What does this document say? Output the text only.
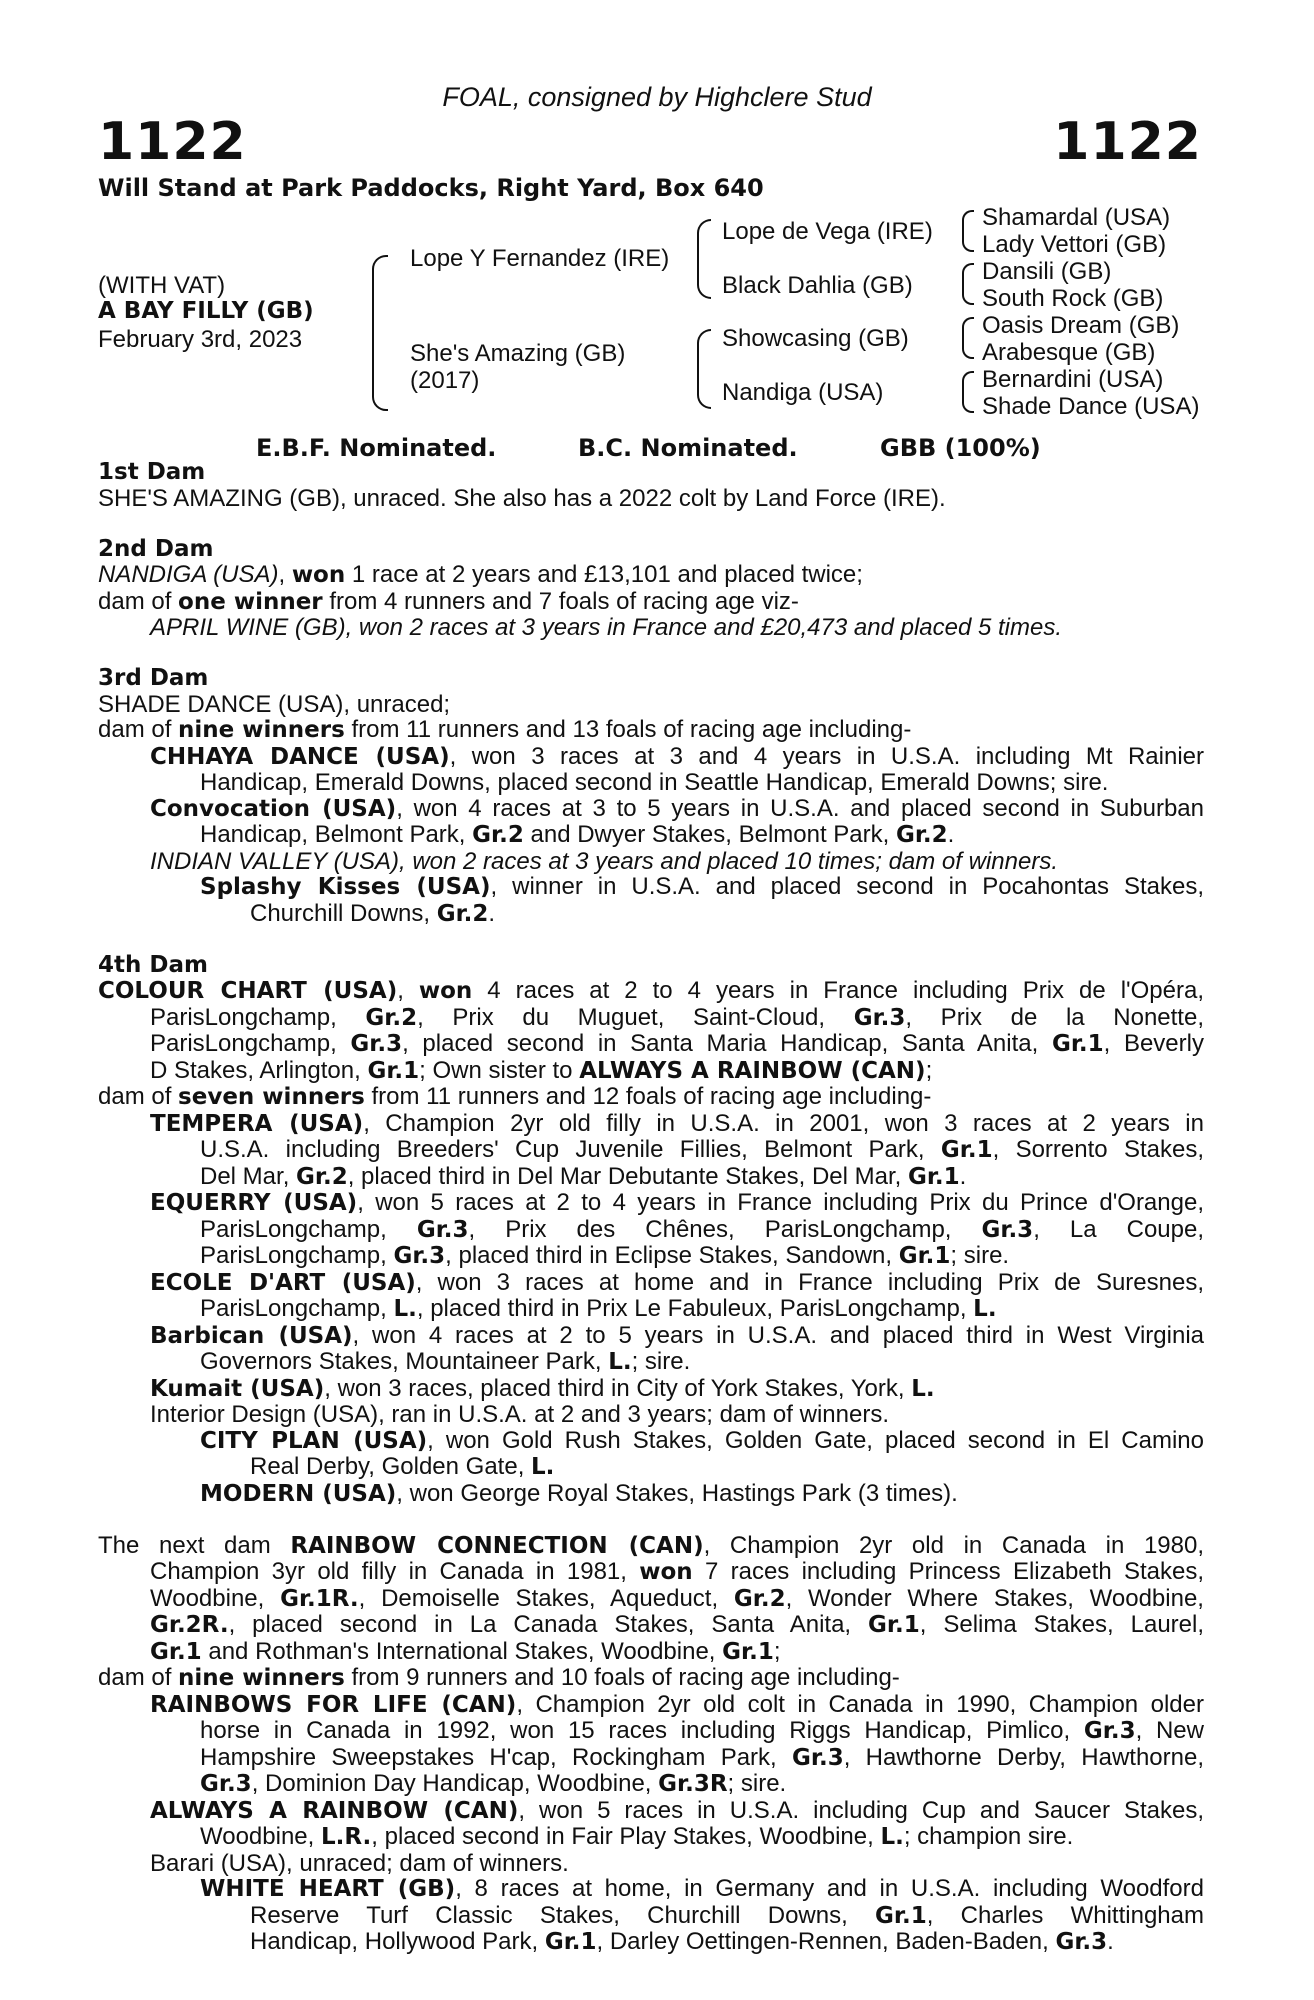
FOAL, consigned by Highclere Stud
1122	1122
Will Stand at Park Paddocks, Right Yard, Box 640
(WITH VAT)
A BAY FILLY (GB)
February 3rd, 2023
Lope Y Fernandez (IRE)
She's Amazing (GB)
(2017)
Lope de Vega (IRE)
Black Dahlia (GB)
Showcasing (GB)
Nandiga (USA)
Shamardal (USA)
Lady Vettori (GB)
Dansili (GB)
South Rock (GB)
Oasis Dream (GB)
Arabesque (GB)
Bernardini (USA)
Shade Dance (USA)
E.B.F. Nominated.	B.C. Nominated.	GBB (100%)
1st Dam
SHE'S AMAZING (GB), unraced. She also has a 2022 colt by Land Force (IRE).
2nd Dam
NANDIGA (USA), won 1 race at 2 years and £13,101 and placed twice;
dam of one winner from 4 runners and 7 foals of racing age viz-
APRIL WINE (GB), won 2 races at 3 years in France and £20,473 and placed 5 times.
3rd Dam
SHADE DANCE (USA), unraced;
dam of nine winners from 11 runners and 13 foals of racing age including-
CHHAYA DANCE (USA), won 3 races at 3 and 4 years in U.S.A. including Mt Rainier
Handicap, Emerald Downs, placed second in Seattle Handicap, Emerald Downs; sire.
Convocation (USA), won 4 races at 3 to 5 years in U.S.A. and placed second in Suburban
Handicap, Belmont Park, Gr.2 and Dwyer Stakes, Belmont Park, Gr.2.
INDIAN VALLEY (USA), won 2 races at 3 years and placed 10 times; dam of winners.
Splashy Kisses (USA), winner in U.S.A. and placed second in Pocahontas Stakes,
Churchill Downs, Gr.2.
4th Dam
COLOUR CHART (USA), won 4 races at 2 to 4 years in France including Prix de l'Opéra,
ParisLongchamp, Gr.2, Prix du Muguet, Saint-Cloud, Gr.3, Prix de la Nonette,
ParisLongchamp, Gr.3, placed second in Santa Maria Handicap, Santa Anita, Gr.1, Beverly
D Stakes, Arlington, Gr.1; Own sister to ALWAYS A RAINBOW (CAN);
dam of seven winners from 11 runners and 12 foals of racing age including-
TEMPERA (USA), Champion 2yr old filly in U.S.A. in 2001, won 3 races at 2 years in
U.S.A. including Breeders' Cup Juvenile Fillies, Belmont Park, Gr.1, Sorrento Stakes,
Del Mar, Gr.2, placed third in Del Mar Debutante Stakes, Del Mar, Gr.1.
EQUERRY (USA), won 5 races at 2 to 4 years in France including Prix du Prince d'Orange,
ParisLongchamp, Gr.3, Prix des Chênes, ParisLongchamp, Gr.3, La Coupe,
ParisLongchamp, Gr.3, placed third in Eclipse Stakes, Sandown, Gr.1; sire.
ECOLE D'ART (USA), won 3 races at home and in France including Prix de Suresnes,
ParisLongchamp, L., placed third in Prix Le Fabuleux, ParisLongchamp, L.
Barbican (USA), won 4 races at 2 to 5 years in U.S.A. and placed third in West Virginia
Governors Stakes, Mountaineer Park, L.; sire.
Kumait (USA), won 3 races, placed third in City of York Stakes, York, L.
Interior Design (USA), ran in U.S.A. at 2 and 3 years; dam of winners.
CITY PLAN (USA), won Gold Rush Stakes, Golden Gate, placed second in El Camino
Real Derby, Golden Gate, L.
MODERN (USA), won George Royal Stakes, Hastings Park (3 times).
The next dam RAINBOW CONNECTION (CAN), Champion 2yr old in Canada in 1980,
Champion 3yr old filly in Canada in 1981, won 7 races including Princess Elizabeth Stakes,
Woodbine, Gr.1R., Demoiselle Stakes, Aqueduct, Gr.2, Wonder Where Stakes, Woodbine,
Gr.2R., placed second in La Canada Stakes, Santa Anita, Gr.1, Selima Stakes, Laurel,
Gr.1 and Rothman's International Stakes, Woodbine, Gr.1;
dam of nine winners from 9 runners and 10 foals of racing age including-
RAINBOWS FOR LIFE (CAN), Champion 2yr old colt in Canada in 1990, Champion older
horse in Canada in 1992, won 15 races including Riggs Handicap, Pimlico, Gr.3, New
Hampshire Sweepstakes H'cap, Rockingham Park, Gr.3, Hawthorne Derby, Hawthorne,
Gr.3, Dominion Day Handicap, Woodbine, Gr.3R; sire.
ALWAYS A RAINBOW (CAN), won 5 races in U.S.A. including Cup and Saucer Stakes,
Woodbine, L.R., placed second in Fair Play Stakes, Woodbine, L.; champion sire.
Barari (USA), unraced; dam of winners.
WHITE HEART (GB), 8 races at home, in Germany and in U.S.A. including Woodford
Reserve Turf Classic Stakes, Churchill Downs, Gr.1, Charles Whittingham
Handicap, Hollywood Park, Gr.1, Darley Oettingen-Rennen, Baden-Baden, Gr.3.
